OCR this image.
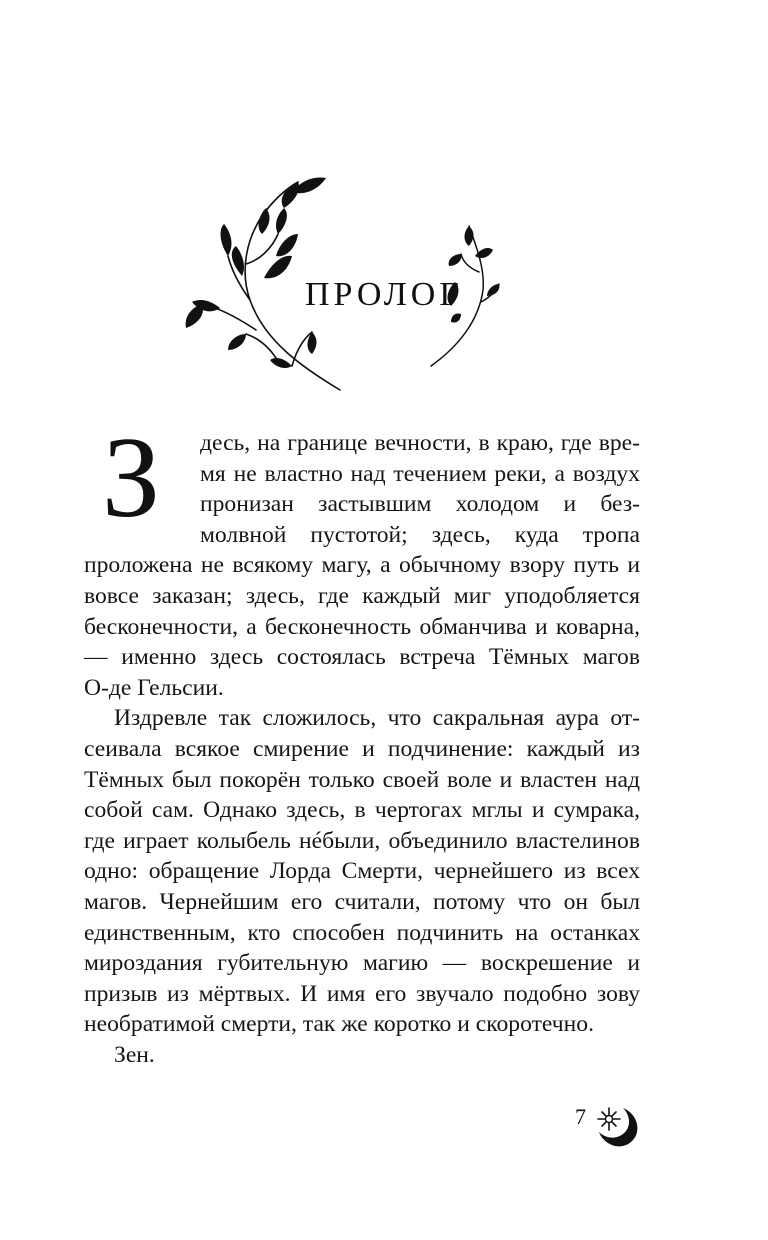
ПРОЛОГ

З десь, на границе вечности, в краю, где время не властно над течением реки, а воздух пронизан застывшим холодом и безмолвной пустотой; здесь, куда тропа проложена не всякому магу, а обычному взору путь и вовсе заказан; здесь, где каждый миг уподобляется бесконечности, а бесконечность обманчива и коварна, — именно здесь состоялась встреча Тёмных магов О‑де Гельсии.

Издревле так сложилось, что сакральная аура отсеивала всякое смирение и подчинение: каждый из Тёмных был покорён только своей воле и властен над собой сам. Однако здесь, в чертогах мглы и сумрака, где играет колыбель нéбыли, объединило властелинов одно: обращение Лорда Смерти, чернейшего из всех магов. Чернейшим его считали, потому что он был единственным, кто способен подчинить на останках мироздания губительную магию — воскрешение и призыв из мёртвых. И имя его звучало подобно зову необратимой смерти, так же коротко и скоротечно.

Зен.

7
